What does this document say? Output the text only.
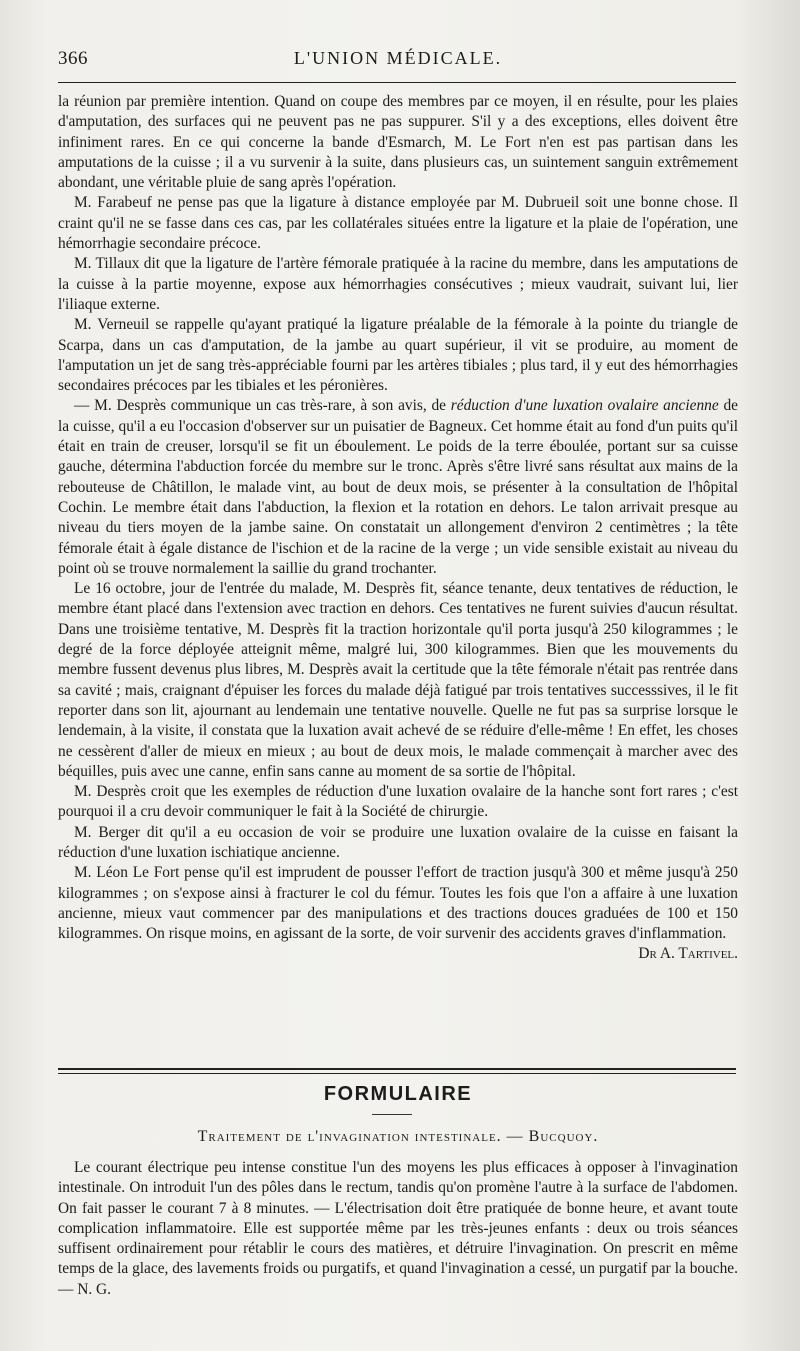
366	L'UNION MÉDICALE.

la réunion par première intention. Quand on coupe des membres par ce moyen, il en résulte, pour les plaies d'amputation, des surfaces qui ne peuvent pas ne pas suppurer. S'il y a des exceptions, elles doivent être infiniment rares. En ce qui concerne la bande d'Esmarch, M. Le Fort n'en est pas partisan dans les amputations de la cuisse ; il a vu survenir à la suite, dans plusieurs cas, un suintement sanguin extrêmement abondant, une véritable pluie de sang après l'opération.

M. Farabeuf ne pense pas que la ligature à distance employée par M. Dubrueil soit une bonne chose. Il craint qu'il ne se fasse dans ces cas, par les collatérales situées entre la ligature et la plaie de l'opération, une hémorrhagie secondaire précoce.

M. Tillaux dit que la ligature de l'artère fémorale pratiquée à la racine du membre, dans les amputations de la cuisse à la partie moyenne, expose aux hémorrhagies consécutives ; mieux vaudrait, suivant lui, lier l'iliaque externe.

M. Verneuil se rappelle qu'ayant pratiqué la ligature préalable de la fémorale à la pointe du triangle de Scarpa, dans un cas d'amputation, de la jambe au quart supérieur, il vit se produire, au moment de l'amputation un jet de sang très-appréciable fourni par les artères tibiales ; plus tard, il y eut des hémorrhagies secondaires précoces par les tibiales et les péronières.

— M. Desprès communique un cas très-rare, à son avis, de réduction d'une luxation ovalaire ancienne de la cuisse, qu'il a eu l'occasion d'observer sur un puisatier de Bagneux. Cet homme était au fond d'un puits qu'il était en train de creuser, lorsqu'il se fit un éboulement. Le poids de la terre éboulée, portant sur sa cuisse gauche, détermina l'abduction forcée du membre sur le tronc. Après s'être livré sans résultat aux mains de la rebouteuse de Châtillon, le malade vint, au bout de deux mois, se présenter à la consultation de l'hôpital Cochin. Le membre était dans l'abduction, la flexion et la rotation en dehors. Le talon arrivait presque au niveau du tiers moyen de la jambe saine. On constatait un allongement d'environ 2 centimètres ; la tête fémorale était à égale distance de l'ischion et de la racine de la verge ; un vide sensible existait au niveau du point où se trouve normalement la saillie du grand trochanter.

Le 16 octobre, jour de l'entrée du malade, M. Desprès fit, séance tenante, deux tentatives de réduction, le membre étant placé dans l'extension avec traction en dehors. Ces tentatives ne furent suivies d'aucun résultat. Dans une troisième tentative, M. Desprès fit la traction horizontale qu'il porta jusqu'à 250 kilogrammes ; le degré de la force déployée atteignit même, malgré lui, 300 kilogrammes. Bien que les mouvements du membre fussent devenus plus libres, M. Desprès avait la certitude que la tête fémorale n'était pas rentrée dans sa cavité ; mais, craignant d'épuiser les forces du malade déjà fatigué par trois tentatives successsives, il le fit reporter dans son lit, ajournant au lendemain une tentative nouvelle. Quelle ne fut pas sa surprise lorsque le lendemain, à la visite, il constata que la luxation avait achevé de se réduire d'elle-même ! En effet, les choses ne cessèrent d'aller de mieux en mieux ; au bout de deux mois, le malade commençait à marcher avec des béquilles, puis avec une canne, enfin sans canne au moment de sa sortie de l'hôpital.

M. Desprès croit que les exemples de réduction d'une luxation ovalaire de la hanche sont fort rares ; c'est pourquoi il a cru devoir communiquer le fait à la Société de chirurgie.

M. Berger dit qu'il a eu occasion de voir se produire une luxation ovalaire de la cuisse en faisant la réduction d'une luxation ischiatique ancienne.

M. Léon Le Fort pense qu'il est imprudent de pousser l'effort de traction jusqu'à 300 et même jusqu'à 250 kilogrammes ; on s'expose ainsi à fracturer le col du fémur. Toutes les fois que l'on a affaire à une luxation ancienne, mieux vaut commencer par des manipulations et des tractions douces graduées de 100 et 150 kilogrammes. On risque moins, en agissant de la sorte, de voir survenir des accidents graves d'inflammation.
Dr A. Tartivel.

FORMULAIRE
Traitement de l'invagination intestinale. — Bucquoy.

Le courant électrique peu intense constitue l'un des moyens les plus efficaces à opposer à l'invagination intestinale. On introduit l'un des pôles dans le rectum, tandis qu'on promène l'autre à la surface de l'abdomen. On fait passer le courant 7 à 8 minutes. — L'électrisation doit être pratiquée de bonne heure, et avant toute complication inflammatoire. Elle est supportée même par les très-jeunes enfants : deux ou trois séances suffisent ordinairement pour rétablir le cours des matières, et détruire l'invagination. On prescrit en même temps de la glace, des lavements froids ou purgatifs, et quand l'invagination a cessé, un purgatif par la bouche. — N. G.
